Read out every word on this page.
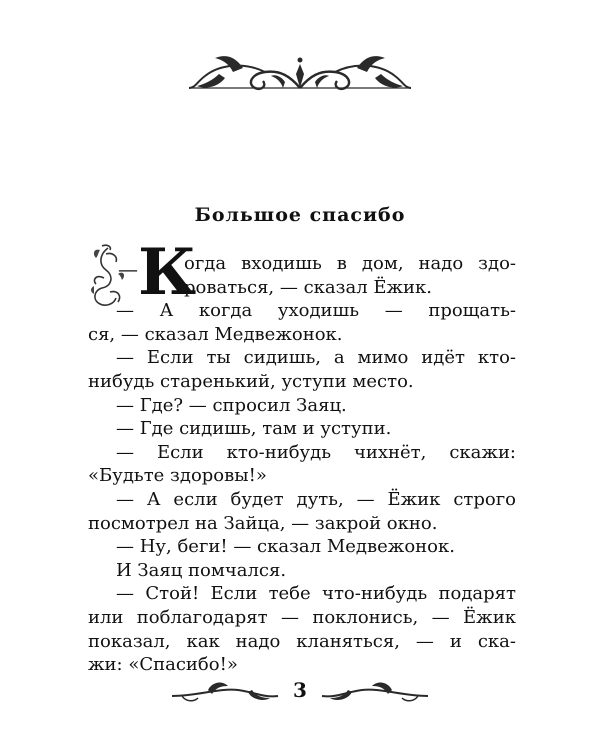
Большое спасибо
— К

огда входишь в дом, надо здо-

роваться, — сказал Ёжик.

— А когда уходишь — прощать-

ся, — сказал Медвежонок.

— Если ты сидишь, а мимо идёт кто-

нибудь старенький, уступи место.

— Где? — спросил Заяц.

— Где сидишь, там и уступи.

— Если кто-нибудь чихнёт, скажи:

«Будьте здоровы!»

— А если будет дуть, — Ёжик строго

посмотрел на Зайца, — закрой окно.

— Ну, беги! — сказал Медвежонок.

И Заяц помчался.

— Стой! Если тебе что-нибудь подарят

или поблагодарят — поклонись, — Ёжик

показал, как надо кланяться, — и ска-

жи: «Спасибо!»

3
